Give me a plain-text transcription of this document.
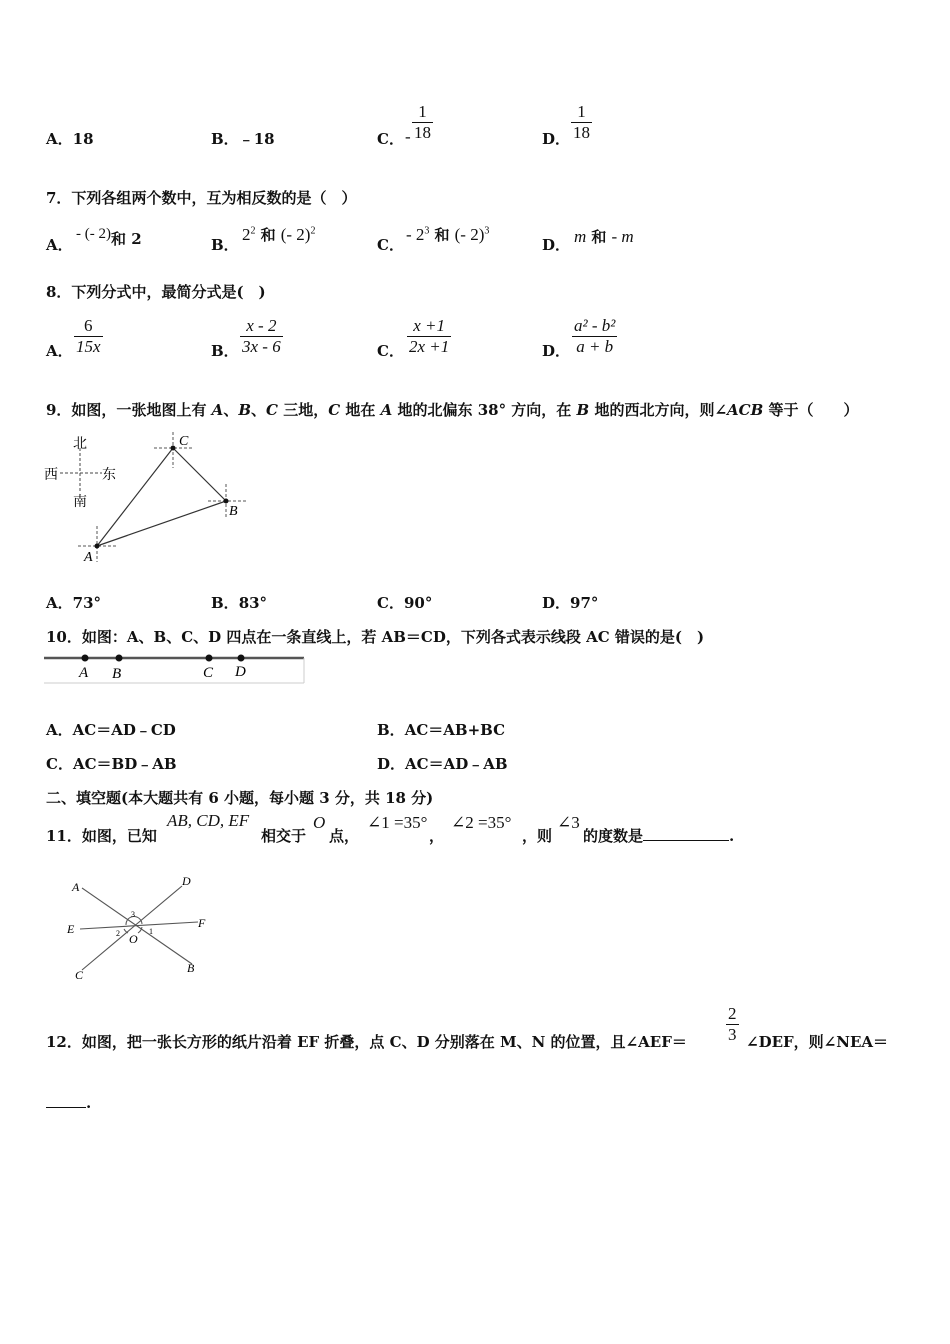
A．18	B．﹣18	C． - $\frac{1}{18}$	D． $\frac{1}{18}$
7．下列各组两个数中，互为相反数的是（　）
A．
- (- 2)和 2	B．
$2^2$ 和 (- 2)$^2$
C．
- $2^3$ 和 (- 2)$^3$
D． m 和 - m
8．下列分式中，最简分式是(　)
A． $\frac{6}{15x}$	B． $\frac{x - 2}{3x - 6}$	C． $\frac{x +1}{2x +1}$	D． $\frac{\text{a² - b²}}{a + b}$
9．如图，一张地图上有 A、B、C 三地，C 地在 A 地的北偏东 38° 方向，在 B 地的西北方向，则∠ACB 等于（　　）
北
西	东
南
A
C
B
A．73°	B．83°	C．90°	D．97°
10．如图：A、B、C、D 四点在一条直线上，若 AB＝CD，下列各式表示线段 AC 错误的是(　)
A B	C D
A．AC＝AD﹣CD	B．AC＝AB+BC
C．AC＝BD﹣AB	D．AC＝AD﹣AB
二、填空题(本大题共有 6 小题，每小题 3 分，共 18 分)
11．如图，已知
AB, CD, EF
相交于
O
点，
∠1 =35°
，
∠2 =35°
，则
∠3
的度数是	.
A	D
E	F
C	B
O
3
2	1
12．如图，把一张长方形的纸片沿着 EF 折叠，点 C、D 分别落在 M、N 的位置，且∠AEF＝ $\frac{2}{3}$ ∠DEF，则∠NEA＝
.
